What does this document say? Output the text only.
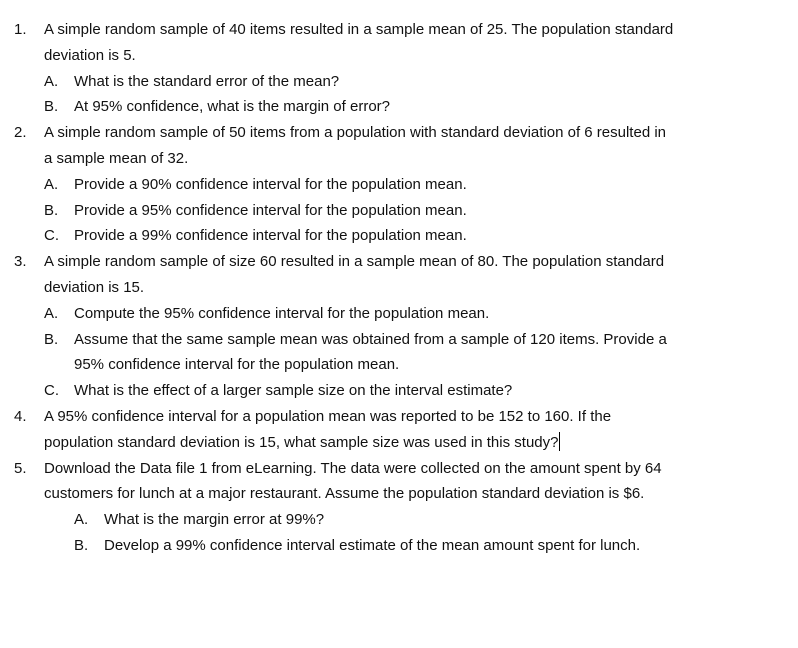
1. A simple random sample of 40 items resulted in a sample mean of 25. The population standard
deviation is 5.
A. What is the standard error of the mean?
B. At 95% confidence, what is the margin of error?
2. A simple random sample of 50 items from a population with standard deviation of 6 resulted in
a sample mean of 32.
A. Provide a 90% confidence interval for the population mean.
B. Provide a 95% confidence interval for the population mean.
C. Provide a 99% confidence interval for the population mean.
3. A simple random sample of size 60 resulted in a sample mean of 80. The population standard
deviation is 15.
A. Compute the 95% confidence interval for the population mean.
B. Assume that the same sample mean was obtained from a sample of 120 items. Provide a
95% confidence interval for the population mean.
C. What is the effect of a larger sample size on the interval estimate?
4. A 95% confidence interval for a population mean was reported to be 152 to 160. If the
population standard deviation is 15, what sample size was used in this study?
5. Download the Data file 1 from eLearning. The data were collected on the amount spent by 64
customers for lunch at a major restaurant. Assume the population standard deviation is $6.
A. What is the margin error at 99%?
B. Develop a 99% confidence interval estimate of the mean amount spent for lunch.
